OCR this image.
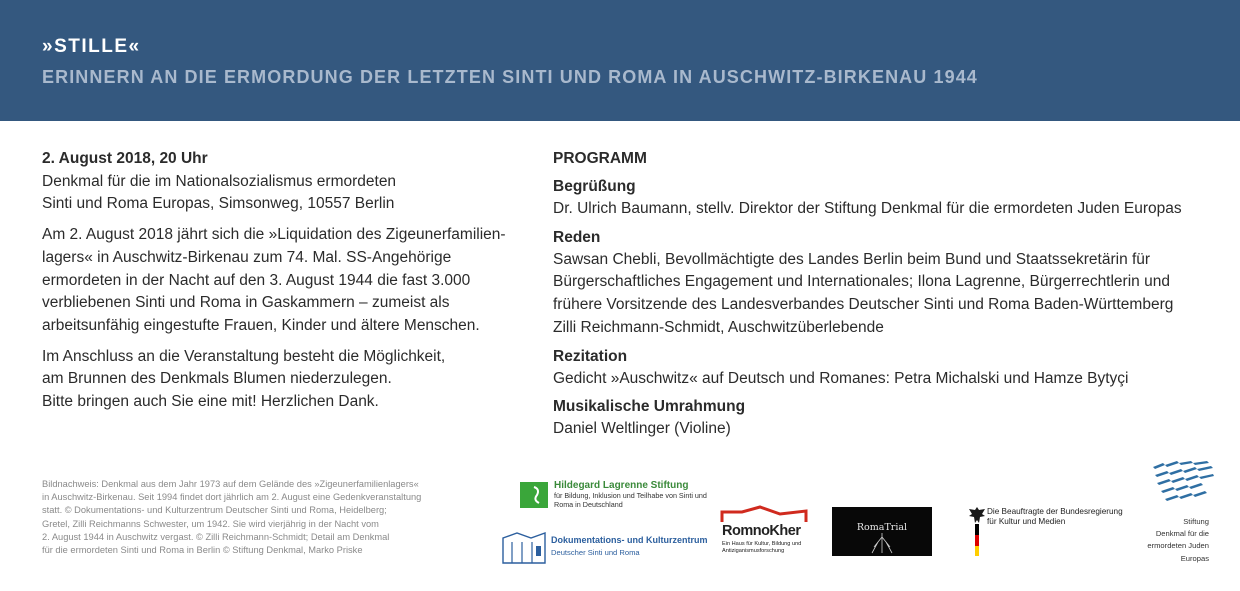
»STILLE«
ERINNERN AN DIE ERMORDUNG DER LETZTEN SINTI UND ROMA IN AUSCHWITZ-BIRKENAU 1944
2. August 2018, 20 Uhr
Denkmal für die im Nationalsozialismus ermordeten
Sinti und Roma Europas, Simsonweg, 10557 Berlin
Am 2. August 2018 jährt sich die »Liquidation des Zigeunerfamilien-
lagers« in Auschwitz-Birkenau zum 74. Mal. SS-Angehörige
ermordeten in der Nacht auf den 3. August 1944 die fast 3.000
verbliebenen Sinti und Roma in Gaskammern – zumeist als
arbeitsunfähig eingestufte Frauen, Kinder und ältere Menschen.
Im Anschluss an die Veranstaltung besteht die Möglichkeit,
am Brunnen des Denkmals Blumen niederzulegen.
Bitte bringen auch Sie eine mit! Herzlichen Dank.
PROGRAMM
Begrüßung
Dr. Ulrich Baumann, stellv. Direktor der Stiftung Denkmal für die ermordeten Juden Europas
Reden
Sawsan Chebli, Bevollmächtigte des Landes Berlin beim Bund und Staatssekretärin für
Bürgerschaftliches Engagement und Internationales; Ilona Lagrenne, Bürgerrechtlerin und
frühere Vorsitzende des Landesverbandes Deutscher Sinti und Roma Baden-Württemberg
Zilli Reichmann-Schmidt, Auschwitzüberlebende
Rezitation
Gedicht »Auschwitz« auf Deutsch und Romanes: Petra Michalski und Hamze Bytyçi
Musikalische Umrahmung
Daniel Weltlinger (Violine)
Bildnachweis: Denkmal aus dem Jahr 1973 auf dem Gelände des »Zigeunerfamilienlagers«
in Auschwitz-Birkenau. Seit 1994 findet dort jährlich am 2. August eine Gedenkveranstaltung
statt. © Dokumentations- und Kulturzentrum Deutscher Sinti und Roma, Heidelberg;
Gretel, Zilli Reichmanns Schwester, um 1942. Sie wird vierjährig in der Nacht vom
2. August 1944 in Auschwitz vergast. © Zilli Reichmann-Schmidt; Detail am Denkmal
für die ermordeten Sinti und Roma in Berlin © Stiftung Denkmal, Marko Priske
Hildegard Lagrenne Stiftung
für Bildung, Inklusion und Teilhabe von Sinti und Roma in Deutschland
Dokumentations- und Kulturzentrum
Deutscher Sinti und Roma
RomnoKher
Ein Haus für Kultur, Bildung und Antiziganismusforschung
RomaTrial
Die Beauftragte der Bundesregierung
für Kultur und Medien	Stiftung
Denkmal für die
ermordeten Juden
Europas
